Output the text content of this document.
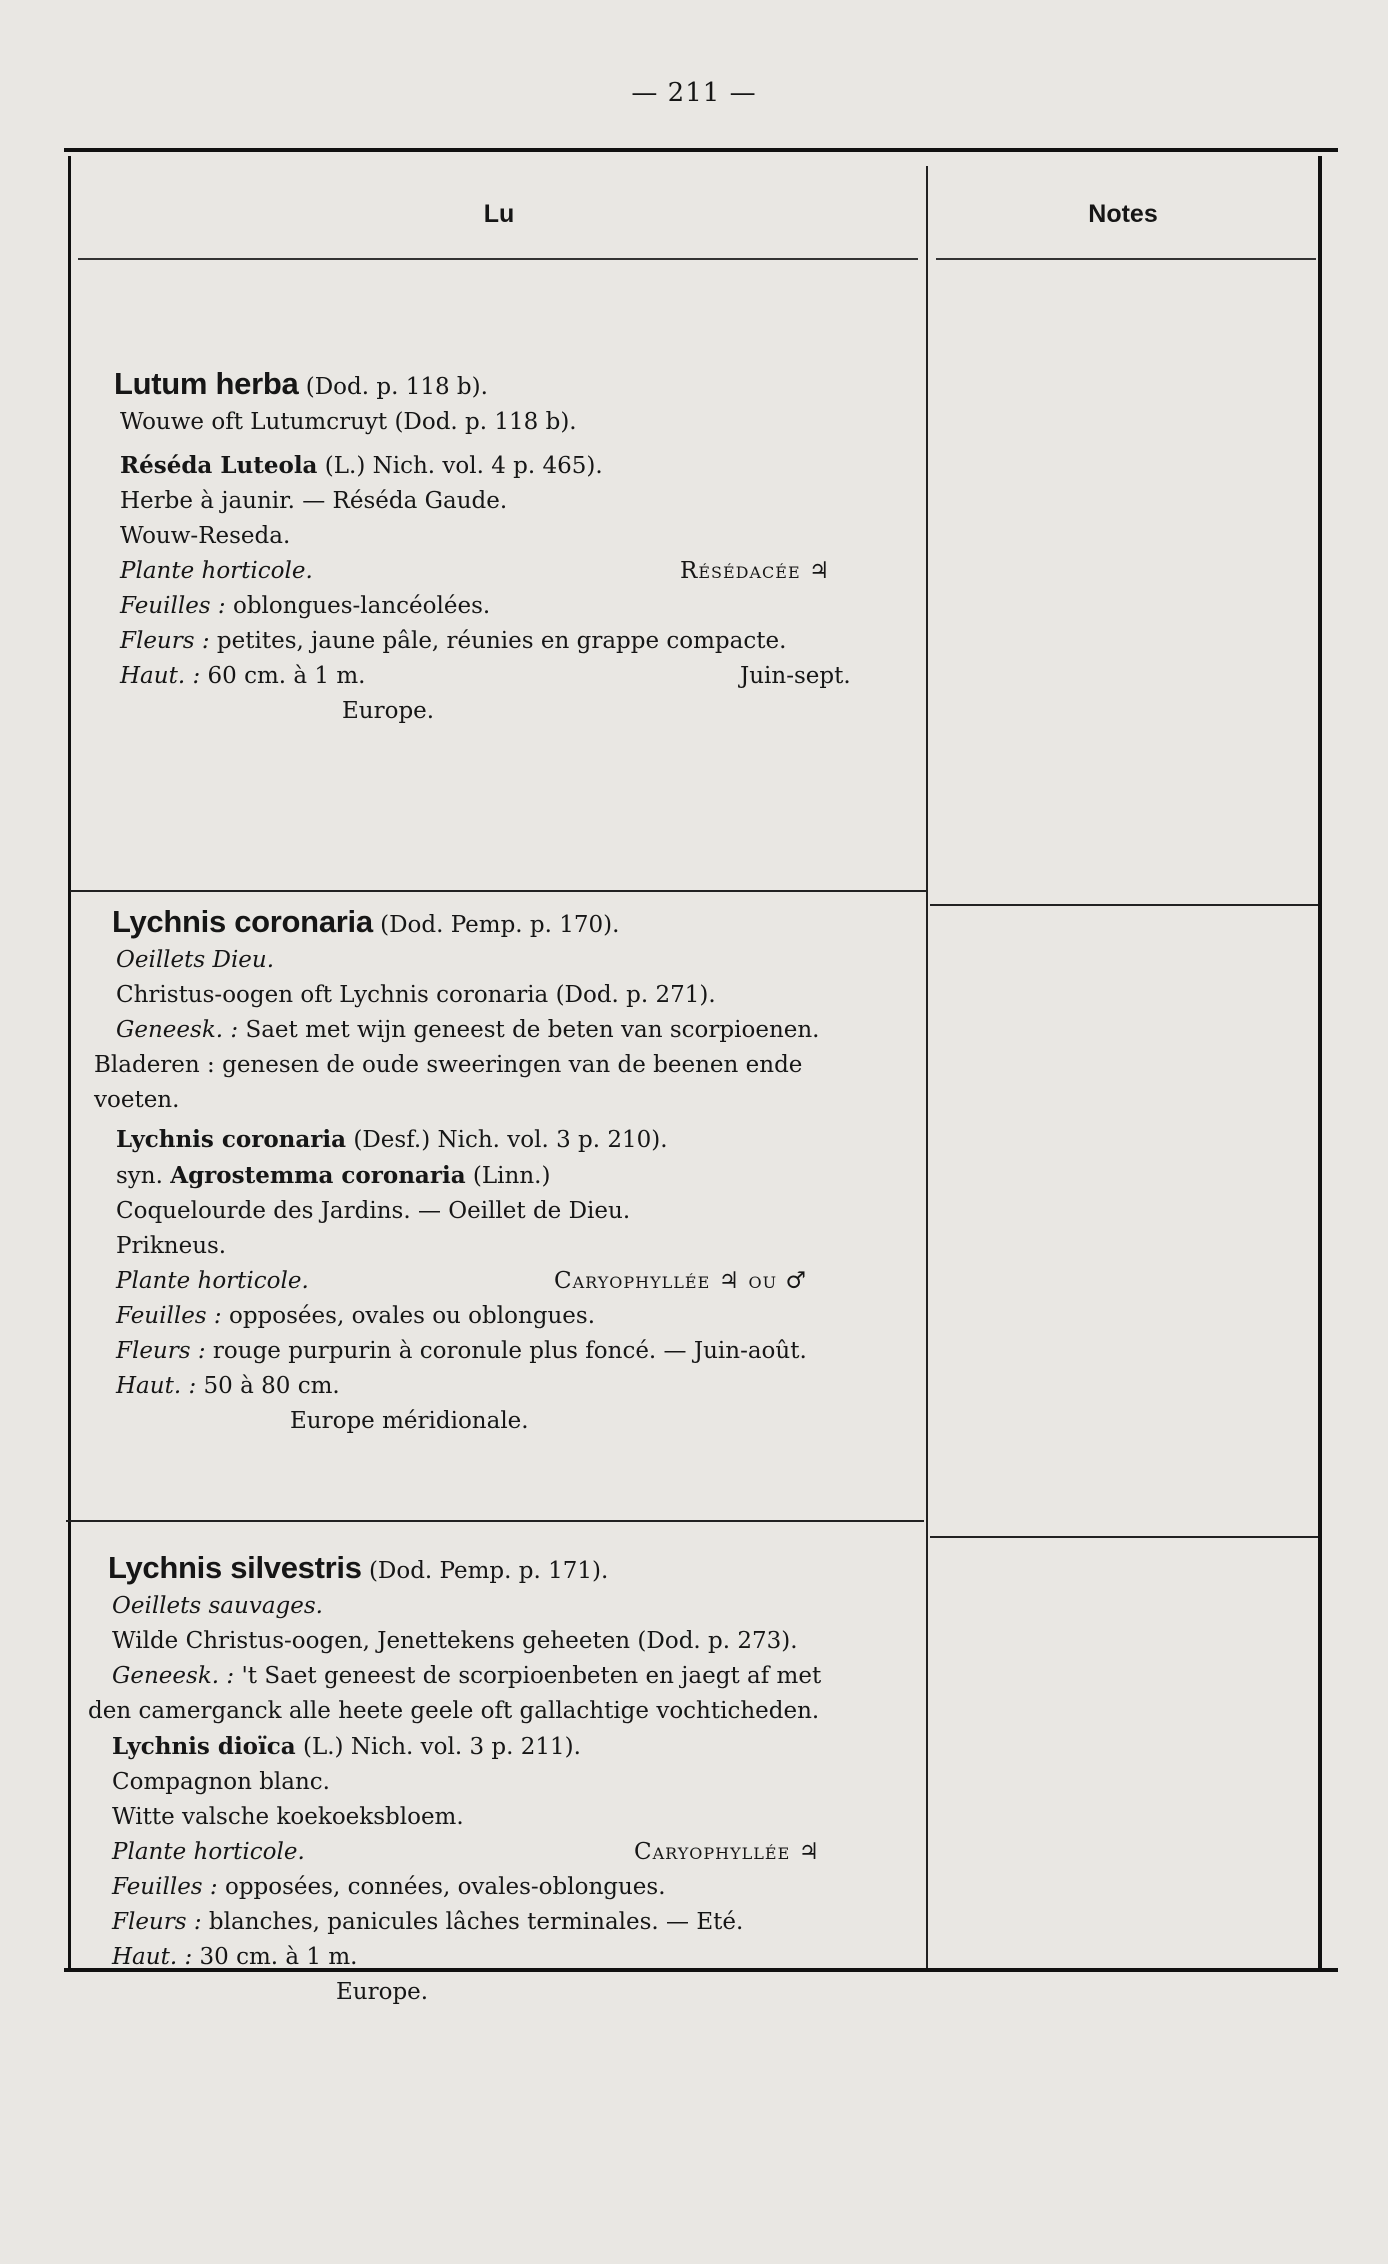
— 211 —
Lu	Notes
Lutum herba (Dod. p. 118 b).
Wouwe oft Lutumcruyt (Dod. p. 118 b).
Réséda Luteola (L.) Nich. vol. 4 p. 465).
Herbe à jaunir. — Réséda Gaude.
Wouw-Reseda.
Plante horticole.	Résédacée ♃
Feuilles : oblongues-lancéolées.
Fleurs : petites, jaune pâle, réunies en grappe compacte.
Haut. : 60 cm. à 1 m.	Juin-sept.
Europe.
Lychnis coronaria (Dod. Pemp. p. 170).
Oeillets Dieu.
Christus-oogen oft Lychnis coronaria (Dod. p. 271).
Geneesk. : Saet met wijn geneest de beten van scorpioenen.
Bladeren : genesen de oude sweeringen van de beenen ende
voeten.
Lychnis coronaria (Desf.) Nich. vol. 3 p. 210).
syn. Agrostemma coronaria (Linn.)
Coquelourde des Jardins. — Oeillet de Dieu.
Prikneus.
Plante horticole.	Caryophyllée ♃ ou ♂
Feuilles : opposées, ovales ou oblongues.
Fleurs : rouge purpurin à coronule plus foncé. — Juin-août.
Haut. : 50 à 80 cm.
Europe méridionale.
Lychnis silvestris (Dod. Pemp. p. 171).
Oeillets sauvages.
Wilde Christus-oogen, Jenettekens geheeten (Dod. p. 273).
Geneesk. : 't Saet geneest de scorpioenbeten en jaegt af met
den camerganck alle heete geele oft gallachtige vochticheden.
Lychnis dioïca (L.) Nich. vol. 3 p. 211).
Compagnon blanc.
Witte valsche koekoeksbloem.
Plante horticole.	Caryophyllée ♃
Feuilles : opposées, connées, ovales-oblongues.
Fleurs : blanches, panicules lâches terminales. — Eté.
Haut. : 30 cm. à 1 m.
Europe.
